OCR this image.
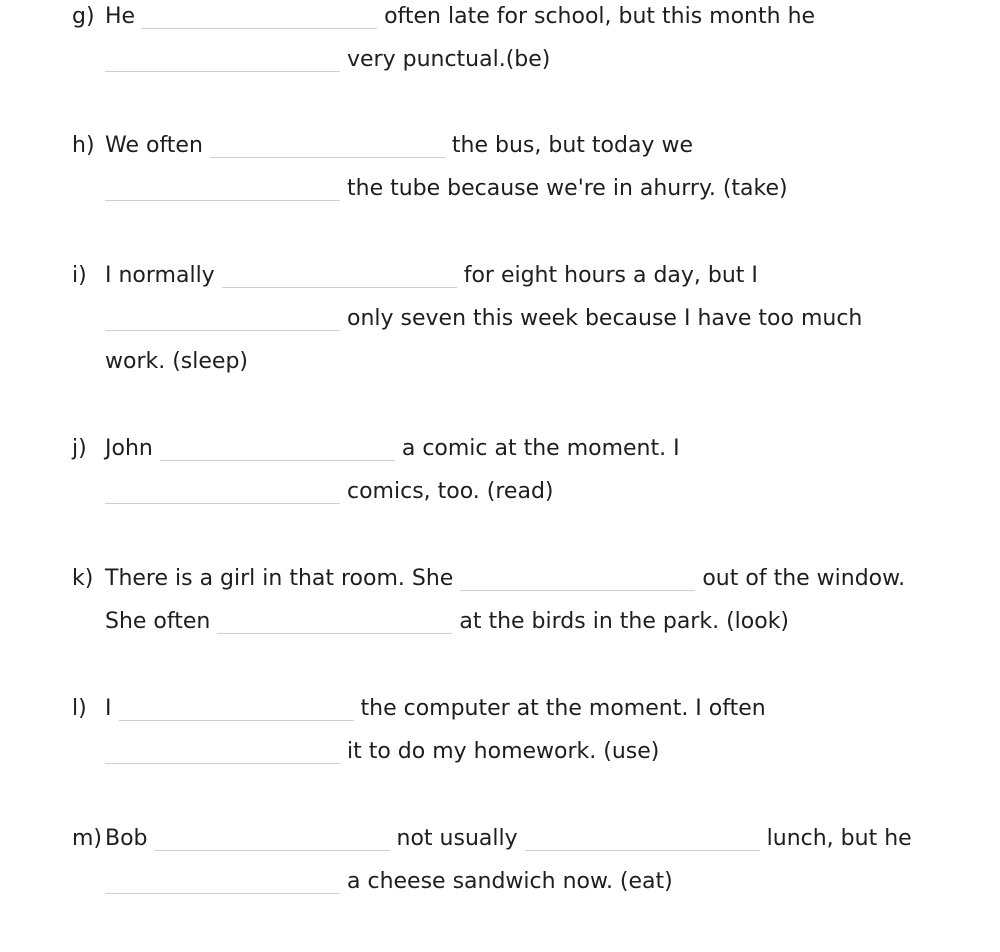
g) He	often late for school, but this month he
very punctual.(be)
h) We often	the bus, but today we
the tube because we're in ahurry. (take)
i) I normally	for eight hours a day, but I
only seven this week because I have too much
work. (sleep)
j) John	a comic at the moment. I
comics, too. (read)
k) There is a girl in that room. She	out of the window.
She often	at the birds in the park. (look)
l) I	the computer at the moment. I often
it to do my homework. (use)
m) Bob	not usually	lunch, but he
a cheese sandwich now. (eat)
